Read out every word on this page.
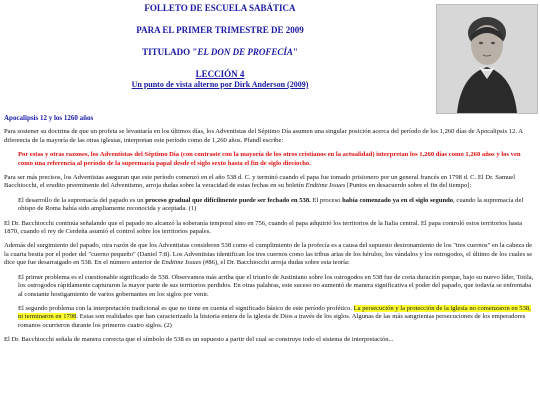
FOLLETO DE ESCUELA SABÁTICA
PARA EL PRIMER TRIMESTRE DE 2009
TITULADO "EL DON DE PROFECÍA"
LECCIÓN 4
Un punto de vista alterno por Dirk Anderson (2009)
Apocalipsis 12 y los 1260 años

Para sostener su doctrina de que un profeta se levantaría en los últimos días, los Adventistas del Séptimo Día asumen una singular posición acerca del período de los 1,260 días de Apocalipsis 12. A diferencia de la mayoría de las otras iglesias, interpretan este período como de 1,260 años. Pfandl escribe:

Por estas y otras razones, los Adventistas del Séptimo Día (con contraste con la mayoría de los otros cristianos en la actualidad) interpretan los 1,260 días como 1,260 años y los ven como una referencia al período de la supremacía papal desde el siglo sexto hasta el fin de siglo dieciocho.

Para ser más precisos, los Adventistas aseguran que este período comenzó en el año 538 d. C. y terminó cuando el papa fue tomado prisionero por un general francés en 1798 d. C. El Dr. Samuel Bacchiocchi, el erudito preeminente del Adventismo, arroja dudas sobre la veracidad de estas fechas en su boletín Endtime Issues [Puntos en desacuerdo sobre el fin del tiempo]:

El desarrollo de la supremacía del papado es un proceso gradual que difícilmente puede ser fechado en 538. El proceso había comenzado ya en el siglo segundo, cuando la supremacía del obispo de Roma había sido ampliamente reconocida y aceptada. (1)

El Dr. Bacchiocchi continúa señalando que el papado no alcanzó la soberanía temporal sino en 756, cuando el papa adquirió los territorios de la Italia central. El papa controló estos territorios hasta 1870, cuando el rey de Cerdeña asumió el control sobre los territorios papales.

Además del surgimiento del papado, otra razón de que los Adventistas consideren 538 como el cumplimiento de la profecía es a causa del supuesto destronamiento de los "tres cuernos" en la cabeza de la cuarta bestia por el poder del "cuerno pequeño" (Daniel 7:8). Los Adventistas identifican los tres cuernos como las tribus arias de los hérulos, los vándalos y los ostrogodos, el último de los cuales se dice que fue desarraigado en 538. En el número anterior de Endtime Issues (#86), el Dr. Bacchiocchi arroja dudas sobre esta teoría:

El primer problema es el cuestionable significado de 538. Observamos más arriba que el triunfo de Justiniano sobre los ostrogodos en 538 fue de corta duración porque, bajo su nuevo líder, Totila, los ostrogodos rápidamente capturaron la mayor parte de sus territorios perdidos. En otras palabras, este suceso no aumentó de manera significativa el poder del papado, que todavía se enfrentaba al constante hostigamiento de varios gobernantes en los siglos por venir.

El segundo problema con la interpretación tradicional es que no tiene en cuenta el significado básico de este período profético. La persecución y la protección de la iglesia no comenzaron en 538, ni terminaron en 1798. Estas son realidades que han caracterizado la historia entera de la iglesia de Dios a través de los siglos. Algunas de las más sangrientas persecuciones de los emperadores romanos ocurrieron durante los primeros cuatro siglos. (2)

El Dr. Bacchiocchi señala de manera correcta que el símbolo de 538 es un supuesto a partir del cual se construye todo el sistema de interpretación...
